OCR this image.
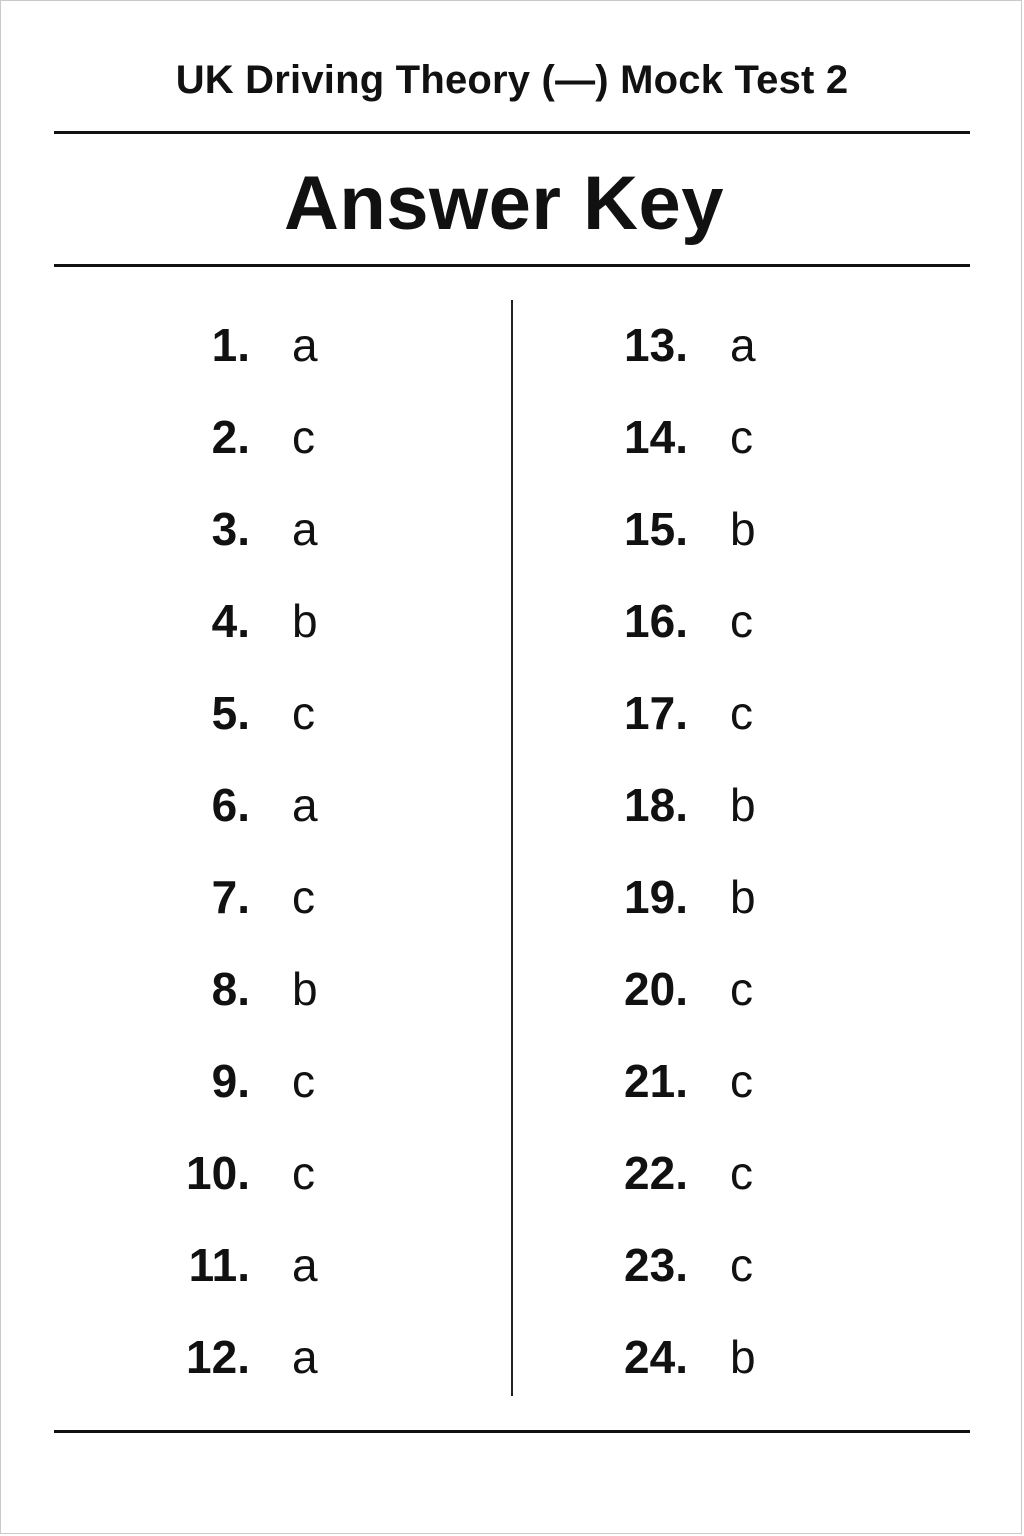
UK Driving Theory (—) Mock Test 2
Answer Key
1. a
2. c
3. a
4. b
5. c
6. a
7. c
8. b
9. c
10. c
11. a
12. a
13. a
14. c
15. b
16. c
17. c
18. b
19. b
20. c
21. c
22. c
23. c
24. b
